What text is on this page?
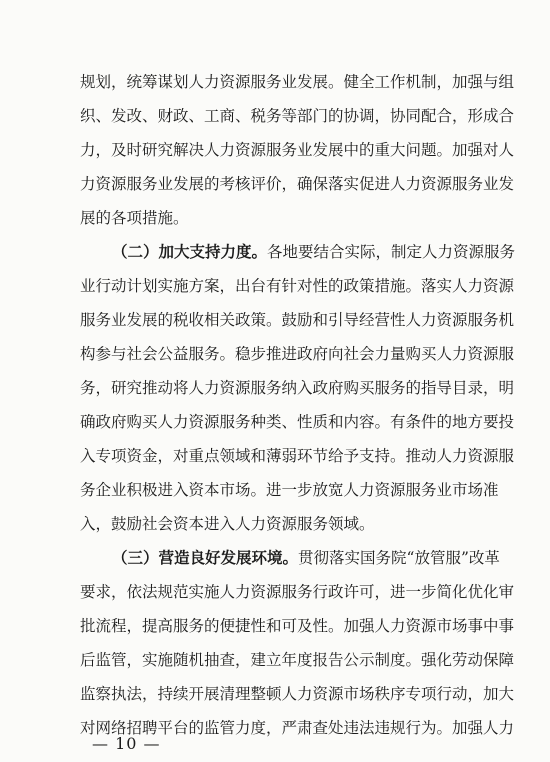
规划，统筹谋划人力资源服务业发展。健全工作机制，加强与组
织、发改、财政、工商、税务等部门的协调，协同配合，形成合
力，及时研究解决人力资源服务业发展中的重大问题。加强对人
力资源服务业发展的考核评价，确保落实促进人力资源服务业发
展的各项措施。
（二）加大支持力度。各地要结合实际，制定人力资源服务
业行动计划实施方案，出台有针对性的政策措施。落实人力资源
服务业发展的税收相关政策。鼓励和引导经营性人力资源服务机
构参与社会公益服务。稳步推进政府向社会力量购买人力资源服
务，研究推动将人力资源服务纳入政府购买服务的指导目录，明
确政府购买人力资源服务种类、性质和内容。有条件的地方要投
入专项资金，对重点领域和薄弱环节给予支持。推动人力资源服
务企业积极进入资本市场。进一步放宽人力资源服务业市场准
入，鼓励社会资本进入人力资源服务领域。
（三）营造良好发展环境。贯彻落实国务院“放管服”改革
要求，依法规范实施人力资源服务行政许可，进一步简化优化审
批流程，提高服务的便捷性和可及性。加强人力资源市场事中事
后监管，实施随机抽查，建立年度报告公示制度。强化劳动保障
监察执法，持续开展清理整顿人力资源市场秩序专项行动，加大
对网络招聘平台的监管力度，严肃查处违法违规行为。加强人力
— 10 —
